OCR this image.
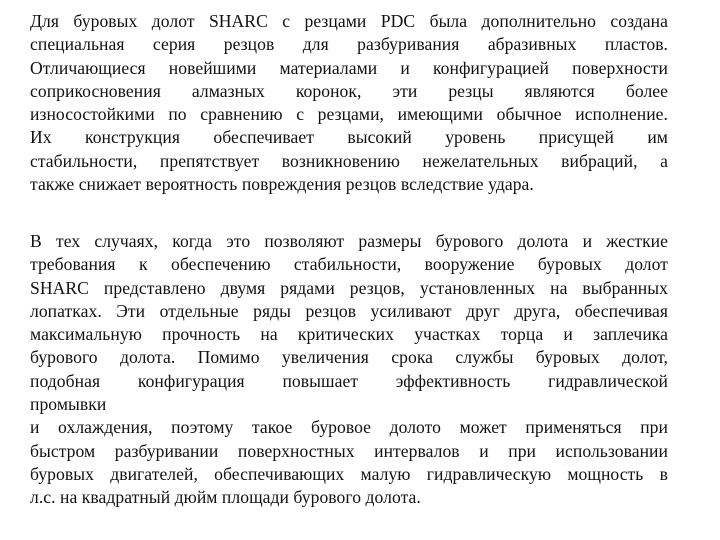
Для буровых долот SHARC с резцами PDC была дополнительно создана
специальная серия резцов для разбуривания абразивных пластов.
Отличающиеся новейшими материалами и конфигурацией поверхности
соприкосновения алмазных коронок, эти резцы являются более
износостойкими по сравнению с резцами, имеющими обычное исполнение.
Их конструкция обеспечивает высокий уровень присущей им
стабильности, препятствует возникновению нежелательных вибраций, а
также снижает вероятность повреждения резцов вследствие удара.
В тех случаях, когда это позволяют размеры бурового долота и жесткие
требования к обеспечению стабильности, вооружение буровых долот
SHARC представлено двумя рядами резцов, установленных на выбранных
лопатках. Эти отдельные ряды резцов усиливают друг друга, обеспечивая
максимальную прочность на критических участках торца и заплечика
бурового долота. Помимо увеличения срока службы буровых долот,
подобная конфигурация повышает эффективность гидравлической
промывки
и охлаждения, поэтому такое буровое долото может применяться при
быстром разбуривании поверхностных интервалов и при использовании
буровых двигателей, обеспечивающих малую гидравлическую мощность в
л.с. на квадратный дюйм площади бурового долота.
